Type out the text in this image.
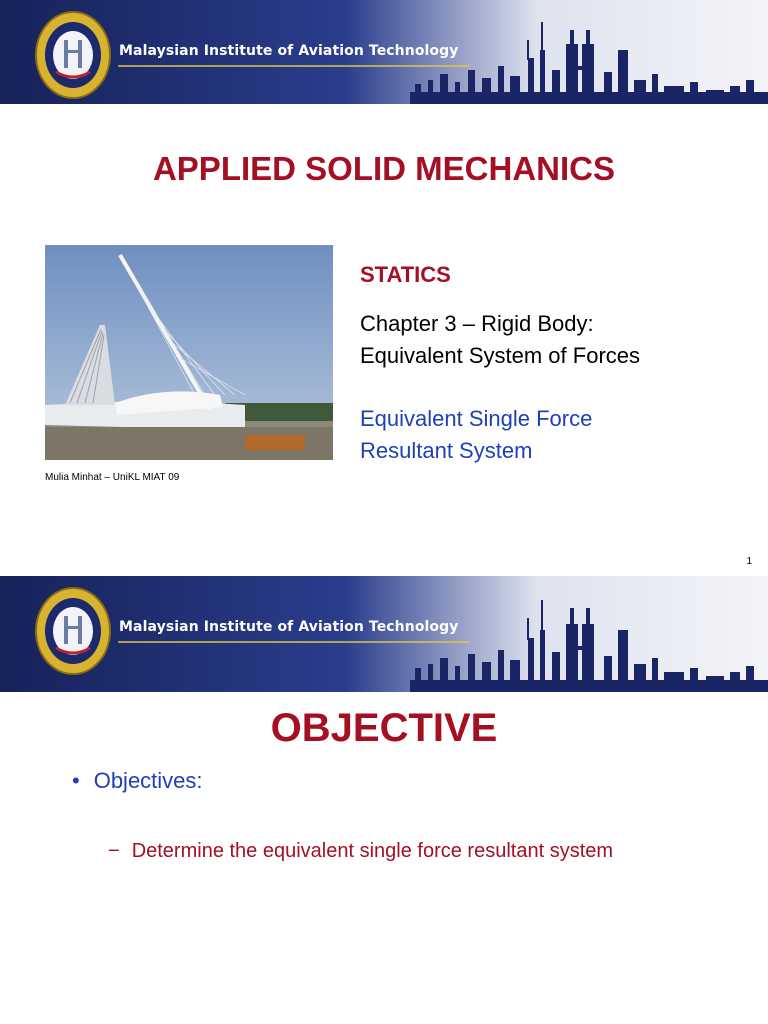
Malaysian Institute of Aviation Technology
APPLIED SOLID MECHANICS
Mulia Minhat – UniKL MIAT 09
STATICS
Chapter 3 – Rigid Body:
Equivalent System of Forces
Equivalent Single Force
Resultant System
1
Malaysian Institute of Aviation Technology
OBJECTIVE
• Objectives:
− Determine the equivalent single force resultant system
